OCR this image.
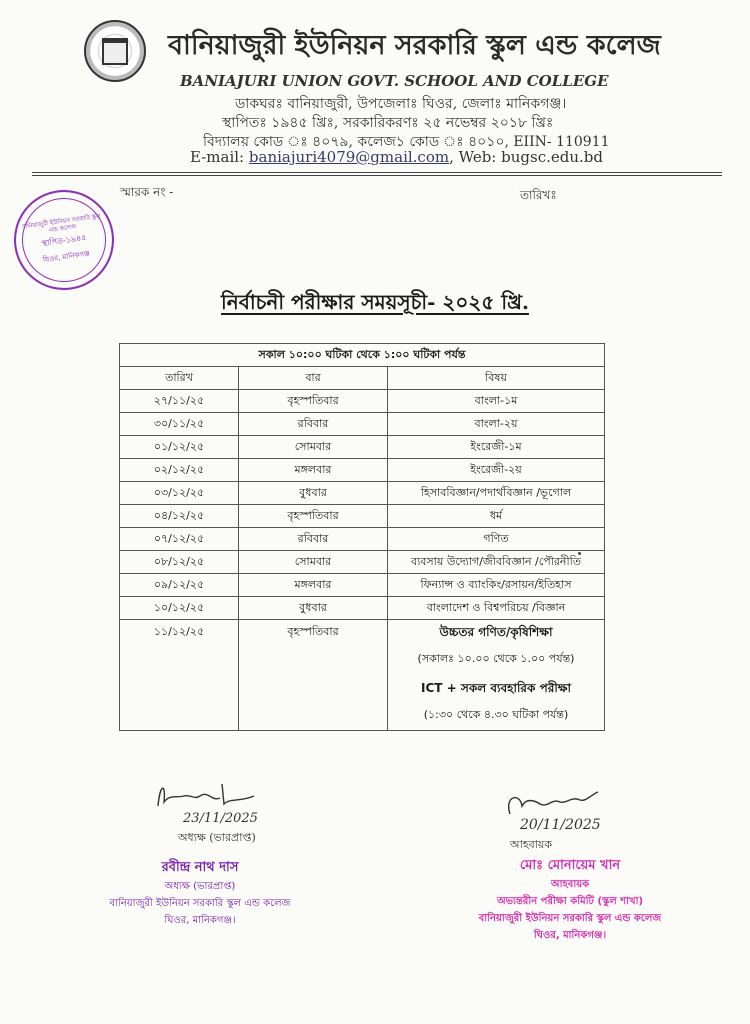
বানিয়াজুরী ইউনিয়ন সরকারি স্কুল এন্ড কলেজ
BANIAJURI UNION GOVT. SCHOOL AND COLLEGE
ডাকঘরঃ বানিয়াজুরী, উপজেলাঃ ঘিওর, জেলাঃ মানিকগঞ্জ।
স্থাপিতঃ ১৯৪৫ খ্রিঃ, সরকারিকরণঃ ২৫ নভেম্বর ২০১৮ খ্রিঃ
বিদ্যালয় কোড ঃ ৪০৭৯, কলেজ১ কোড ঃ ৪০১০, EIIN- 110911
E-mail: baniajuri4079@gmail.com, Web: bugsc.edu.bd
স্মারক নং -	তারিখঃ
বানিয়াজুরী ইউনিয়ন সরকারি স্কুল এন্ড কলেজ
স্থাপিত-১৯৪৫
ঘিওর, মানিকগঞ্জ
নির্বাচনী পরীক্ষার সময়সূচী- ২০২৫ খ্রি.
সকাল ১০:০০ ঘটিকা থেকে ১:০০ ঘটিকা পর্যন্ত		
তারিখ	বার	বিষয়
২৭/১১/২৫	বৃহস্পতিবার	বাংলা-১ম
৩০/১১/২৫	রবিবার	বাংলা-২য়
০১/১২/২৫	সোমবার	ইংরেজী-১ম
০২/১২/২৫	মঙ্গলবার	ইংরেজী-২য়
০৩/১২/২৫	বুধবার	হিসাববিজ্ঞান/পদার্থবিজ্ঞান /ভূগোল
০৪/১২/২৫	বৃহস্পতিবার	ধর্ম
০৭/১২/২৫	রবিবার	গণিত
০৮/১২/২৫	সোমবার	ব্যবসায় উদ্যোগ/জীববিজ্ঞান /পৌরনীতি
০৯/১২/২৫	মঙ্গলবার	ফিন্যান্স ও ব্যাংকিং/রসায়ন/ইতিহাস
১০/১২/২৫	বুধবার	বাংলাদেশ ও বিশ্বপরিচয় /বিজ্ঞান
১১/১২/২৫	বৃহস্পতিবার	উচ্চতর গণিত/কৃষিশিক্ষা
(সকালঃ ১০.০০ থেকে ১.০০ পর্যন্ত)
ICT + সকল ব্যবহারিক পরীক্ষা
(১:৩০ থেকে ৪.৩০ ঘটিকা পর্যন্ত)
23/11/2025
অধ্যক্ষ (ভারপ্রাপ্ত)
রবীন্দ্র নাথ দাস
অধ্যক্ষ (ভারপ্রাপ্ত)
বানিয়াজুরী ইউনিয়ন সরকারি স্কুল এন্ড কলেজ
ঘিওর, মানিকগঞ্জ।
20/11/2025
আহবায়ক
মোঃ মোনায়েম খান
আহবায়ক
অভ্যন্তরীন পরীক্ষা কমিটি (স্কুল শাখা)
বানিয়াজুরী ইউনিয়ন সরকারি স্কুল এন্ড কলেজ
ঘিওর, মানিকগঞ্জ।
